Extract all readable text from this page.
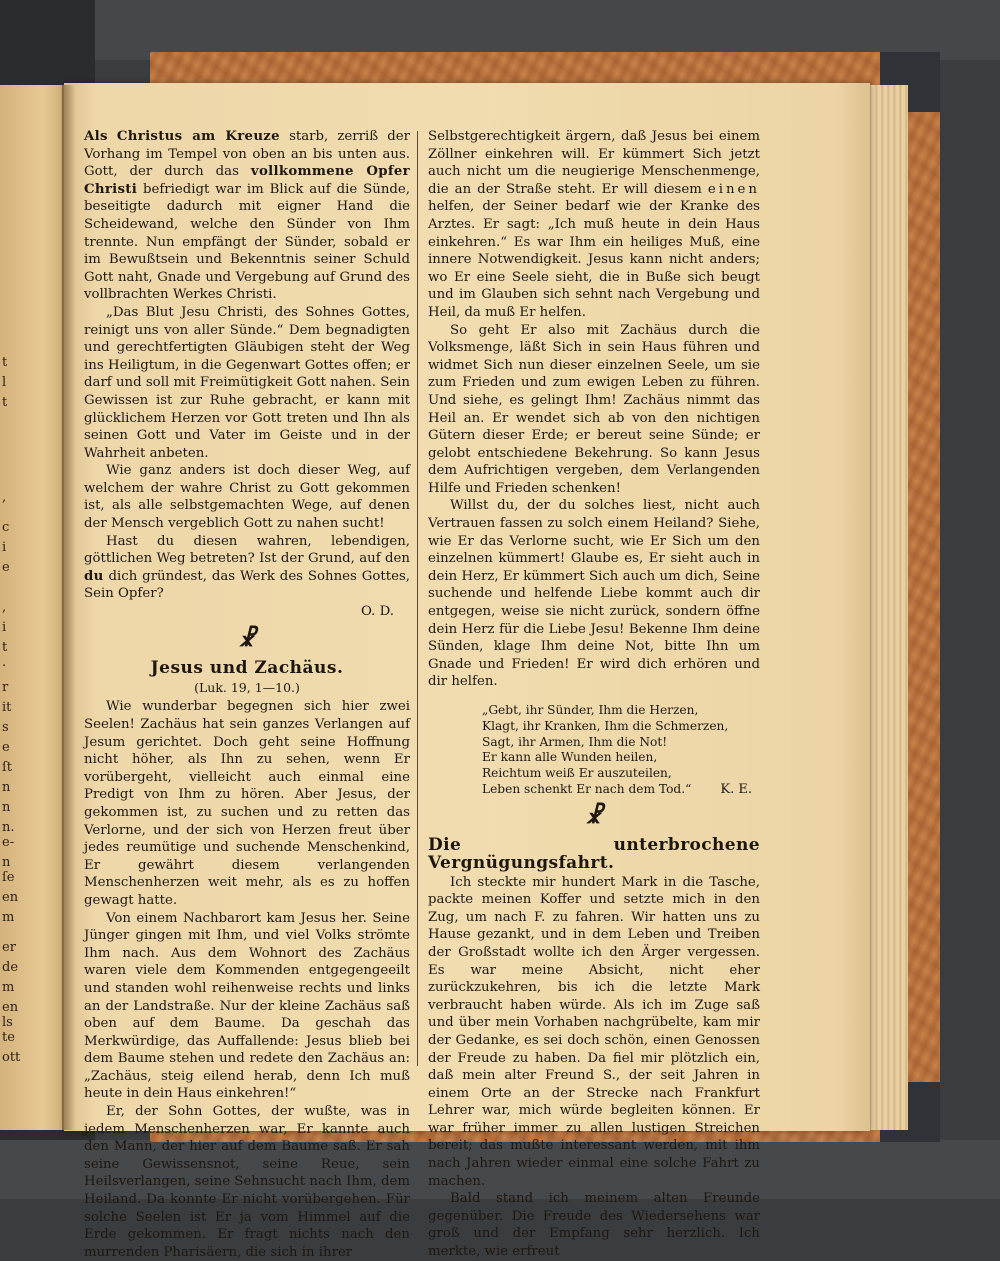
t
l
t
,
c
i
e
,
i
t
.
r
it
s
e
ſt
n
n
n.
e-
n
ſe
en
m
er
de
m
en
ls
te
ott

Als Christus am Kreuze starb, zerriß der Vorhang im Tempel von oben an bis unten aus. Gott, der durch das vollkommene Opfer Christi befriedigt war im Blick auf die Sünde, beseitigte dadurch mit eigner Hand die Scheidewand, welche den Sünder von Ihm trennte. Nun empfängt der Sünder, sobald er im Bewußtsein und Bekenntnis seiner Schuld Gott naht, Gnade und Vergebung auf Grund des vollbrachten Werkes Christi.

„Das Blut Jesu Christi, des Sohnes Gottes, reinigt uns von aller Sünde.“ Dem begnadigten und gerechtfertigten Gläubigen steht der Weg ins Heiligtum, in die Gegenwart Gottes offen; er darf und soll mit Freimütigkeit Gott nahen. Sein Gewissen ist zur Ruhe gebracht, er kann mit glücklichem Herzen vor Gott treten und Ihn als seinen Gott und Vater im Geiste und in der Wahrheit anbeten.

Wie ganz anders ist doch dieser Weg, auf welchem der wahre Christ zu Gott gekommen ist, als alle selbstgemachten Wege, auf denen der Mensch vergeblich Gott zu nahen sucht!

Hast du diesen wahren, lebendigen, göttlichen Weg betreten? Ist der Grund, auf den du dich gründest, das Werk des Sohnes Gottes, Sein Opfer?
O. D.

☧
Jesus und Zachäus.
(Luk. 19, 1—10.)

Wie wunderbar begegnen sich hier zwei Seelen! Zachäus hat sein ganzes Verlangen auf Jesum gerichtet. Doch geht seine Hoffnung nicht höher, als Ihn zu sehen, wenn Er vorübergeht, vielleicht auch einmal eine Predigt von Ihm zu hören. Aber Jesus, der gekommen ist, zu suchen und zu retten das Verlorne, und der sich von Herzen freut über jedes reumütige und suchende Menschenkind, Er gewährt diesem verlangenden Menschenherzen weit mehr, als es zu hoffen gewagt hatte.

Von einem Nachbarort kam Jesus her. Seine Jünger gingen mit Ihm, und viel Volks strömte Ihm nach. Aus dem Wohnort des Zachäus waren viele dem Kommenden entgegengeeilt und standen wohl reihenweise rechts und links an der Landstraße. Nur der kleine Zachäus saß oben auf dem Baume. Da geschah das Merkwürdige, das Auffallende: Jesus blieb bei dem Baume stehen und redete den Zachäus an: „Zachäus, steig eilend herab, denn Ich muß heute in dein Haus einkehren!“

Er, der Sohn Gottes, der wußte, was in jedem Menschenherzen war, Er kannte auch den Mann, der hier auf dem Baume saß. Er sah seine Gewissensnot, seine Reue, sein Heilsverlangen, seine Sehnsucht nach Ihm, dem Heiland. Da konnte Er nicht vorübergehen. Für solche Seelen ist Er ja vom Himmel auf die Erde gekommen. Er fragt nichts nach den murrenden Pharisäern, die sich in ihrer

Selbstgerechtigkeit ärgern, daß Jesus bei einem Zöllner einkehren will. Er kümmert Sich jetzt auch nicht um die neugierige Menschenmenge, die an der Straße steht. Er will diesem einen helfen, der Seiner bedarf wie der Kranke des Arztes. Er sagt: „Ich muß heute in dein Haus einkehren.“ Es war Ihm ein heiliges Muß, eine innere Notwendigkeit. Jesus kann nicht anders; wo Er eine Seele sieht, die in Buße sich beugt und im Glauben sich sehnt nach Vergebung und Heil, da muß Er helfen.

So geht Er also mit Zachäus durch die Volksmenge, läßt Sich in sein Haus führen und widmet Sich nun dieser einzelnen Seele, um sie zum Frieden und zum ewigen Leben zu führen. Und siehe, es gelingt Ihm! Zachäus nimmt das Heil an. Er wendet sich ab von den nichtigen Gütern dieser Erde; er bereut seine Sünde; er gelobt entschiedene Bekehrung. So kann Jesus dem Aufrichtigen vergeben, dem Verlangenden Hilfe und Frieden schenken!

Willst du, der du solches liest, nicht auch Vertrauen fassen zu solch einem Heiland? Siehe, wie Er das Verlorne sucht, wie Er Sich um den einzelnen kümmert! Glaube es, Er sieht auch in dein Herz, Er kümmert Sich auch um dich, Seine suchende und helfende Liebe kommt auch dir entgegen, weise sie nicht zurück, sondern öffne dein Herz für die Liebe Jesu! Bekenne Ihm deine Sünden, klage Ihm deine Not, bitte Ihn um Gnade und Frieden! Er wird dich erhören und dir helfen.

„Gebt, ihr Sünder, Ihm die Herzen,
Klagt, ihr Kranken, Ihm die Schmerzen,
Sagt, ihr Armen, Ihm die Not!
Er kann alle Wunden heilen,
Reichtum weiß Er auszuteilen,
Leben schenkt Er nach dem Tod.“	K. E.
☧
Die unterbrochene Vergnügungsfahrt.

Ich steckte mir hundert Mark in die Tasche, packte meinen Koffer und setzte mich in den Zug, um nach F. zu fahren. Wir hatten uns zu Hause gezankt, und in dem Leben und Treiben der Großstadt wollte ich den Ärger vergessen. Es war meine Absicht, nicht eher zurückzukehren, bis ich die letzte Mark verbraucht haben würde. Als ich im Zuge saß und über mein Vorhaben nachgrübelte, kam mir der Gedanke, es sei doch schön, einen Genossen der Freude zu haben. Da fiel mir plötzlich ein, daß mein alter Freund S., der seit Jahren in einem Orte an der Strecke nach Frankfurt Lehrer war, mich würde begleiten können. Er war früher immer zu allen lustigen Streichen bereit; das mußte interessant werden, mit ihm nach Jahren wieder einmal eine solche Fahrt zu machen.

Bald stand ich meinem alten Freunde gegenüber. Die Freude des Wiedersehens war groß und der Empfang sehr herzlich. Ich merkte, wie erfreut
